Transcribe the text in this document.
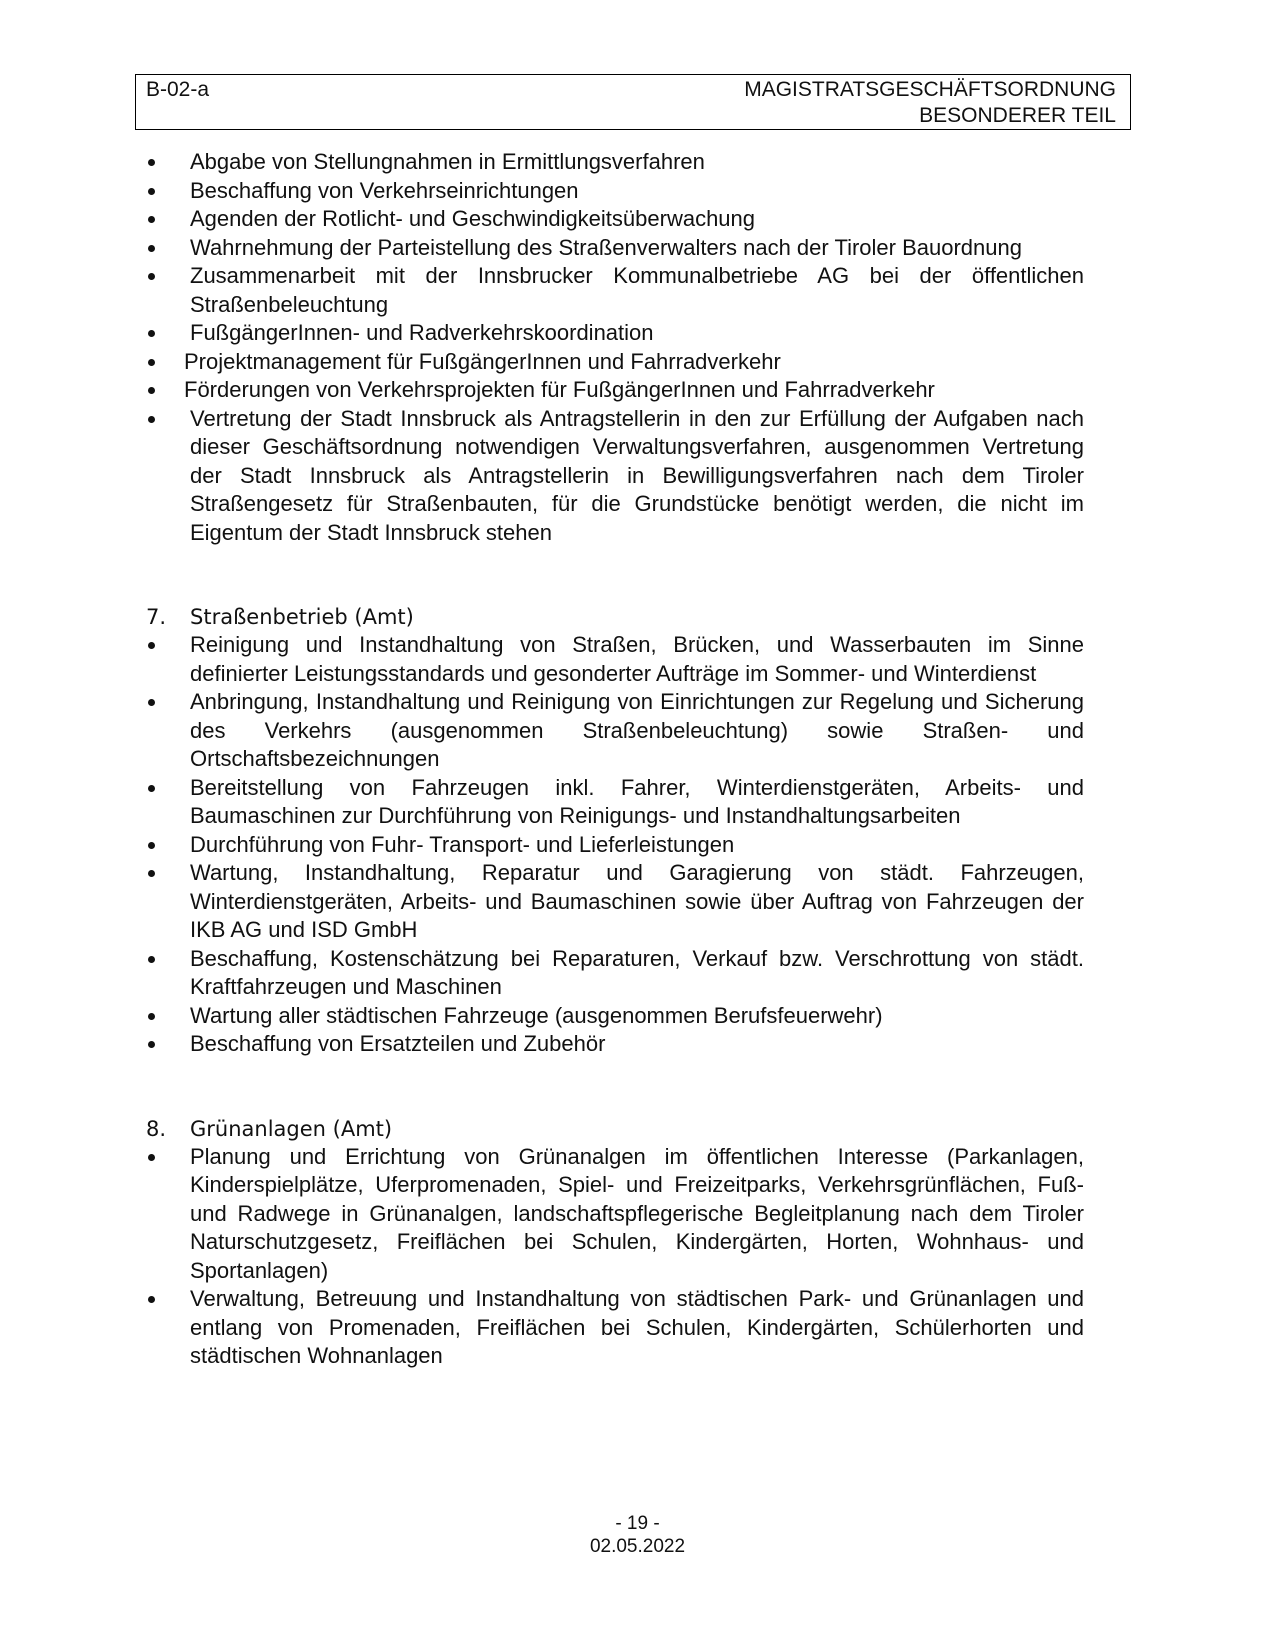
B-02-a	MAGISTRATSGESCHÄFTSORDNUNG
BESONDERER TEIL
Abgabe von Stellungnahmen in Ermittlungsverfahren
Beschaffung von Verkehrseinrichtungen
Agenden der Rotlicht- und Geschwindigkeitsüberwachung
Wahrnehmung der Parteistellung des Straßenverwalters nach der Tiroler Bauordnung
Zusammenarbeit mit der Innsbrucker Kommunalbetriebe AG bei der öffentlichen Straßenbeleuchtung
FußgängerInnen- und Radverkehrskoordination
Projektmanagement für FußgängerInnen und Fahrradverkehr
Förderungen von Verkehrsprojekten für FußgängerInnen und Fahrradverkehr
Vertretung der Stadt Innsbruck als Antragstellerin in den zur Erfüllung der Aufgaben nach dieser Geschäftsordnung notwendigen Verwaltungsverfahren, ausgenommen Vertretung der Stadt Innsbruck als Antragstellerin in Bewilligungsverfahren nach dem Tiroler Straßengesetz für Straßenbauten, für die Grundstücke benötigt werden, die nicht im Eigentum der Stadt Innsbruck stehen
7. Straßenbetrieb (Amt)
Reinigung und Instandhaltung von Straßen, Brücken, und Wasserbauten im Sinne definierter Leistungsstandards und gesonderter Aufträge im Sommer- und Winterdienst
Anbringung, Instandhaltung und Reinigung von Einrichtungen zur Regelung und Sicherung des Verkehrs (ausgenommen Straßenbeleuchtung) sowie Straßen- und Ortschaftsbezeichnungen
Bereitstellung von Fahrzeugen inkl. Fahrer, Winterdienstgeräten, Arbeits- und Baumaschinen zur Durchführung von Reinigungs- und Instandhaltungsarbeiten
Durchführung von Fuhr- Transport- und Lieferleistungen
Wartung, Instandhaltung, Reparatur und Garagierung von städt. Fahrzeugen, Winterdienstgeräten, Arbeits- und Baumaschinen sowie über Auftrag von Fahrzeugen der IKB AG und ISD GmbH
Beschaffung, Kostenschätzung bei Reparaturen, Verkauf bzw. Verschrottung von städt. Kraftfahrzeugen und Maschinen
Wartung aller städtischen Fahrzeuge (ausgenommen Berufsfeuerwehr)
Beschaffung von Ersatzteilen und Zubehör
8. Grünanlagen (Amt)
Planung und Errichtung von Grünanalgen im öffentlichen Interesse (Parkanlagen, Kinderspielplätze, Uferpromenaden, Spiel- und Freizeitparks, Verkehrsgrünflächen, Fuß- und Radwege in Grünanalgen, landschaftspflegerische Begleitplanung nach dem Tiroler Naturschutzgesetz, Freiflächen bei Schulen, Kindergärten, Horten, Wohnhaus- und Sportanlagen)
Verwaltung, Betreuung und Instandhaltung von städtischen Park- und Grünanlagen und entlang von Promenaden, Freiflächen bei Schulen, Kindergärten, Schülerhorten und städtischen Wohnanlagen
- 19 -
02.05.2022
